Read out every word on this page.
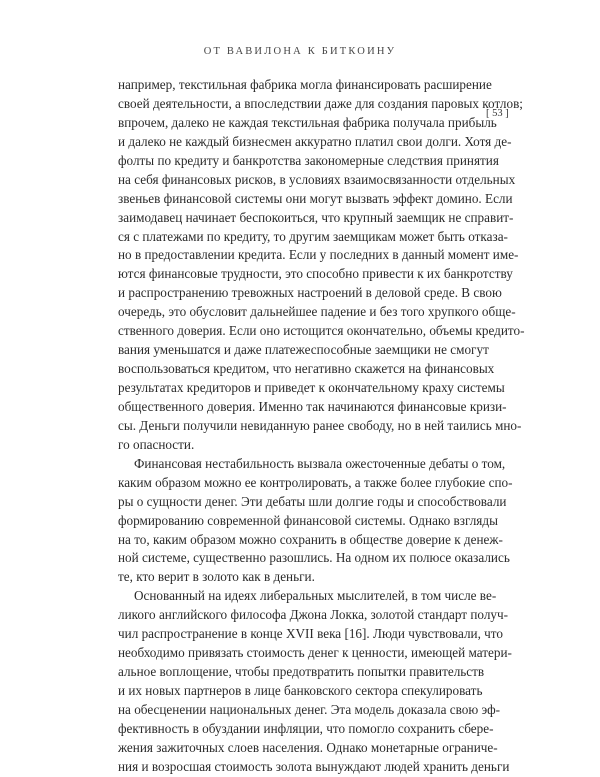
ОТ ВАВИЛОНА К БИТКОИНУ
[ 53 ]
например, текстильная фабрика могла финансировать расширение
своей деятельности, а впоследствии даже для создания паровых котлов;
впрочем, далеко не каждая текстильная фабрика получала прибыль
и далеко не каждый бизнесмен аккуратно платил свои долги. Хотя де-
фолты по кредиту и банкротства закономерные следствия принятия
на себя финансовых рисков, в условиях взаимосвязанности отдельных
звеньев финансовой системы они могут вызвать эффект домино. Если
заимодавец начинает беспокоиться, что крупный заемщик не справит-
ся с платежами по кредиту, то другим заемщикам может быть отказа-
но в предоставлении кредита. Если у последних в данный момент име-
ются финансовые трудности, это способно привести к их банкротству
и распространению тревожных настроений в деловой среде. В свою
очередь, это обусловит дальнейшее падение и без того хрупкого обще-
ственного доверия. Если оно истощится окончательно, объемы кредито-
вания уменьшатся и даже платежеспособные заемщики не смогут
воспользоваться кредитом, что негативно скажется на финансовых
результатах кредиторов и приведет к окончательному краху системы
общественного доверия. Именно так начинаются финансовые кризи-
сы. Деньги получили невиданную ранее свободу, но в ней таились мно-
го опасности.
Финансовая нестабильность вызвала ожесточенные дебаты о том,
каким образом можно ее контролировать, а также более глубокие спо-
ры о сущности денег. Эти дебаты шли долгие годы и способствовали
формированию современной финансовой системы. Однако взгляды
на то, каким образом можно сохранить в обществе доверие к денеж-
ной системе, существенно разошлись. На одном их полюсе оказались
те, кто верит в золото как в деньги.
Основанный на идеях либеральных мыслителей, в том числе ве-
ликого английского философа Джона Локка, золотой стандарт получ-
чил распространение в конце XVII века [16]. Люди чувствовали, что
необходимо привязать стоимость денег к ценности, имеющей матери-
альное воплощение, чтобы предотвратить попытки правительств
и их новых партнеров в лице банковского сектора спекулировать
на обесценении национальных денег. Эта модель доказала свою эф-
фективность в обуздании инфляции, что помогло сохранить сбере-
жения зажиточных слоев населения. Однако монетарные ограниче-
ния и возросшая стоимость золота вынуждают людей хранить деньги
